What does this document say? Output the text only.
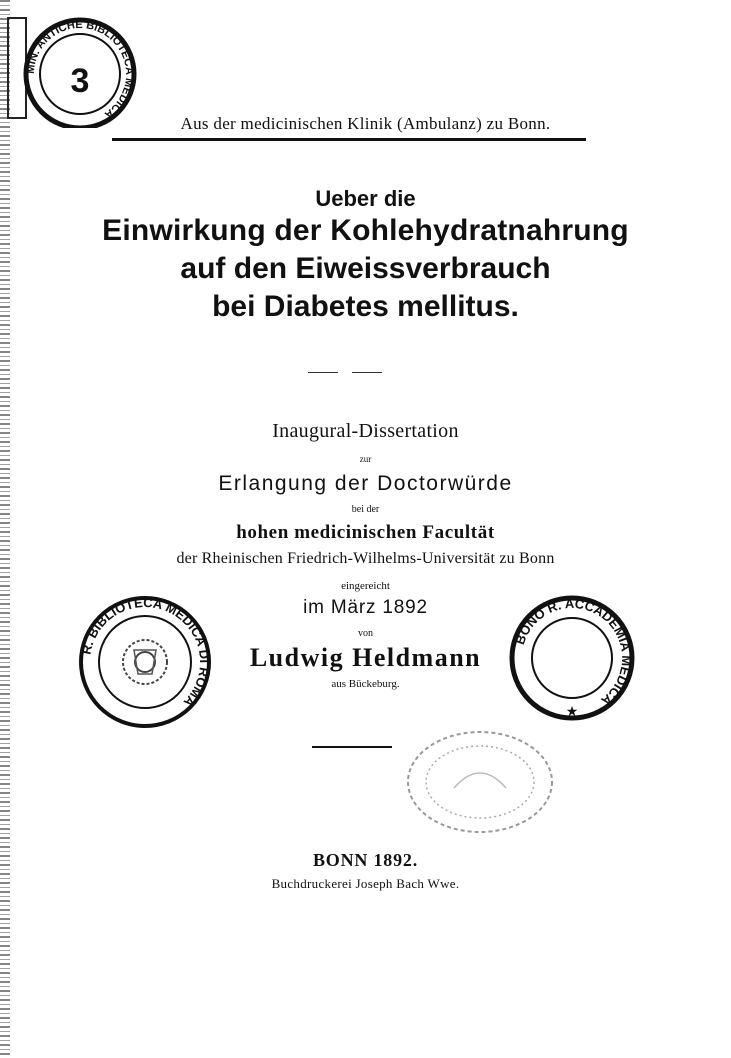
MIN. ANTICHE BIBLIOTECA MEDICA
3
Aus der medicinischen Klinik (Ambulanz) zu Bonn.
Ueber die
Einwirkung der Kohlehydratnahrung
auf den Eiweissverbrauch
bei Diabetes mellitus.
Inaugural-Dissertation
zur
Erlangung der Doctorwürde
bei der
hohen medicinischen Facultät
der Rheinischen Friedrich-Wilhelms-Universität zu Bonn
eingereicht
im März 1892
von
Ludwig Heldmann
aus Bückeburg.
R. BIBLIOTECA MEDICA DI ROMA
BONO R. ACCADEMIA MEDICA
★
BONN 1892.
Buchdruckerei Joseph Bach Wwe.
